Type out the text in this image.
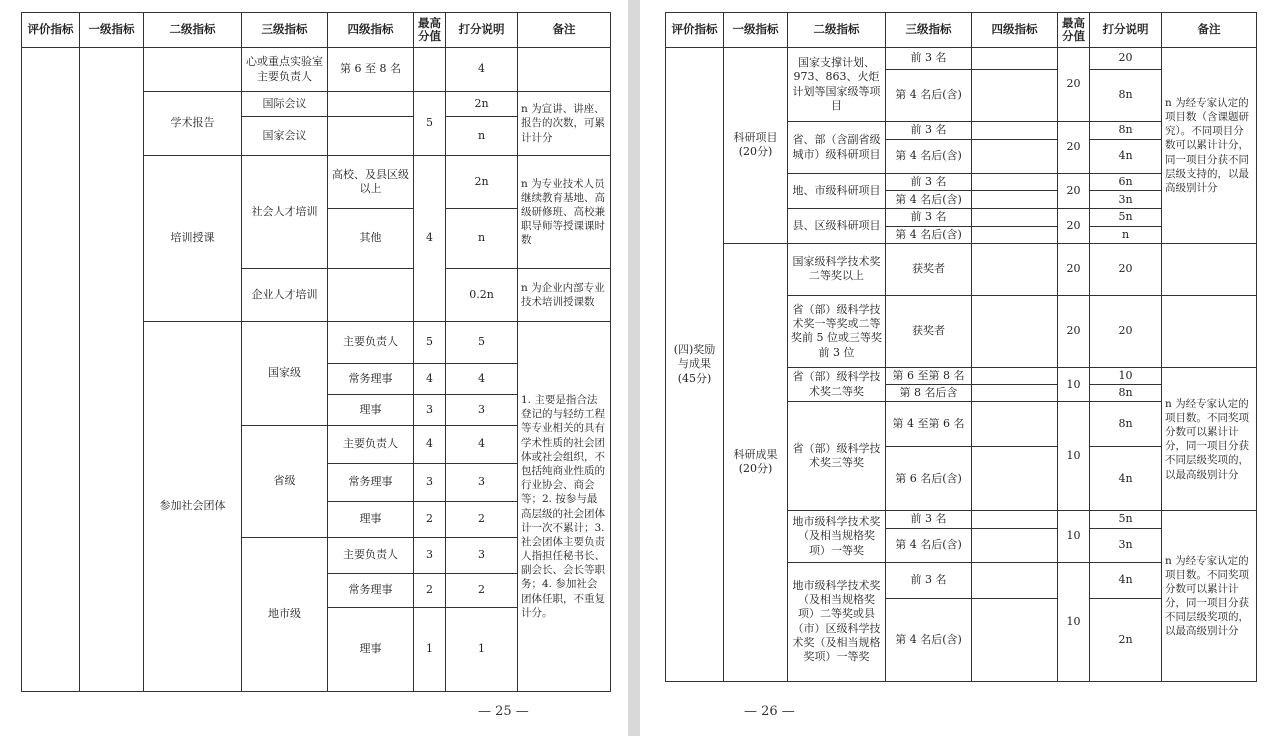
评价指标	一级指标	二级指标	三级指标	四级指标	最高分值	打分说明	备注
			心或重点实验室主要负责人	第 6 至 8 名		4	
		学术报告	国际会议		5	2n	n 为宣讲、讲座、报告的次数，可累计计分
			国家会议			n	
		培训授课	社会人才培训	高校、及县区级以上	4	2n	n 为专业技术人员继续教育基地、高级研修班、高校兼职导师等授课课时数
				其他		n	
			企业人才培训			0.2n	n 为企业内部专业技术培训授课数
		参加社会团体	国家级	主要负责人	5	5	1. 主要是指合法登记的与轻纺工程等专业相关的具有学术性质的社会团体或社会组织，不包括纯商业性质的行业协会、商会等；2. 按参与最高层级的社会团体计一次不累计；3. 社会团体主要负责人指担任秘书长、副会长、会长等职务；4. 参加社会团体任职，不重复计分。
				常务理事	4	4	
				理事	3	3	
			省级	主要负责人	4	4	
				常务理事	3	3	
				理事	2	2	
			地市级	主要负责人	3	3	
				常务理事	2	2	
				理事	1	1	
— 25 —
评价指标	一级指标	二级指标	三级指标	四级指标	最高分值	打分说明	备注
(四)奖励与成果(45分)	科研项目(20分)	国家支撑计划、973、863、火炬计划等国家级等项目	前 3 名		20	20	n 为经专家认定的项目数（含课题研究）。不同项目分数可以累计计分，同一项目分获不同层级支持的，以最高级别计分
			第 4 名后(含)			8n	
		省、部（含副省级城市）级科研项目	前 3 名		20	8n	
			第 4 名后(含)			4n	
		地、市级科研项目	前 3 名		20	6n	
			第 4 名后(含)			3n	
		县、区级科研项目	前 3 名		20	5n	
			第 4 名后(含)			n	
	科研成果(20分)	国家级科学技术奖二等奖以上	获奖者		20	20	
		省（部）级科学技术奖一等奖或二等奖前 5 位或三等奖前 3 位	获奖者		20	20	
		省（部）级科学技术奖二等奖	第 6 至第 8 名		10	10	n 为经专家认定的项目数。不同奖项分数可以累计计分，同一项目分获不同层级奖项的，以最高级别计分
			第 8 名后含			8n	
		省（部）级科学技术奖三等奖	第 4 至第 6 名		10	8n	
			第 6 名后(含)			4n	
		地市级科学技术奖（及相当规格奖项）一等奖	前 3 名		10	5n	n 为经专家认定的项目数。不同奖项分数可以累计计分，同一项目分获不同层级奖项的，以最高级别计分
			第 4 名后(含)			3n	
		地市级科学技术奖（及相当规格奖项）二等奖或县（市）区级科学技术奖（及相当规格奖项）一等奖	前 3 名		10	4n	
			第 4 名后(含)			2n	
— 26 —
